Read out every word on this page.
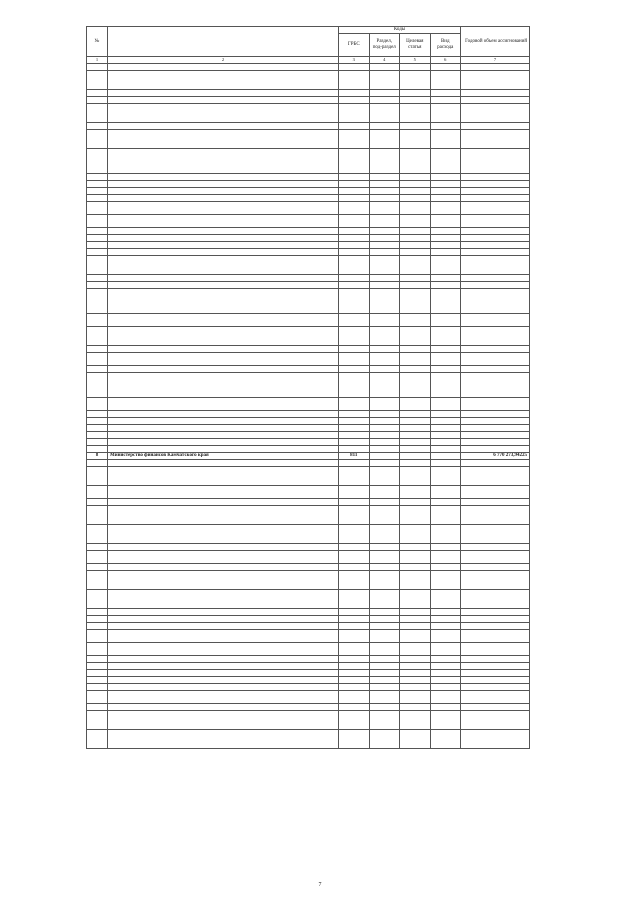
№		Коды				Годовой объем ассигнований
		ГРБС	Раздел, под-раздел	Целевая статья	Вид расхода	
1	2	3	4	5	6	7

8	Министерство финансов Камчатского края	811				6 770 273,94225

7
